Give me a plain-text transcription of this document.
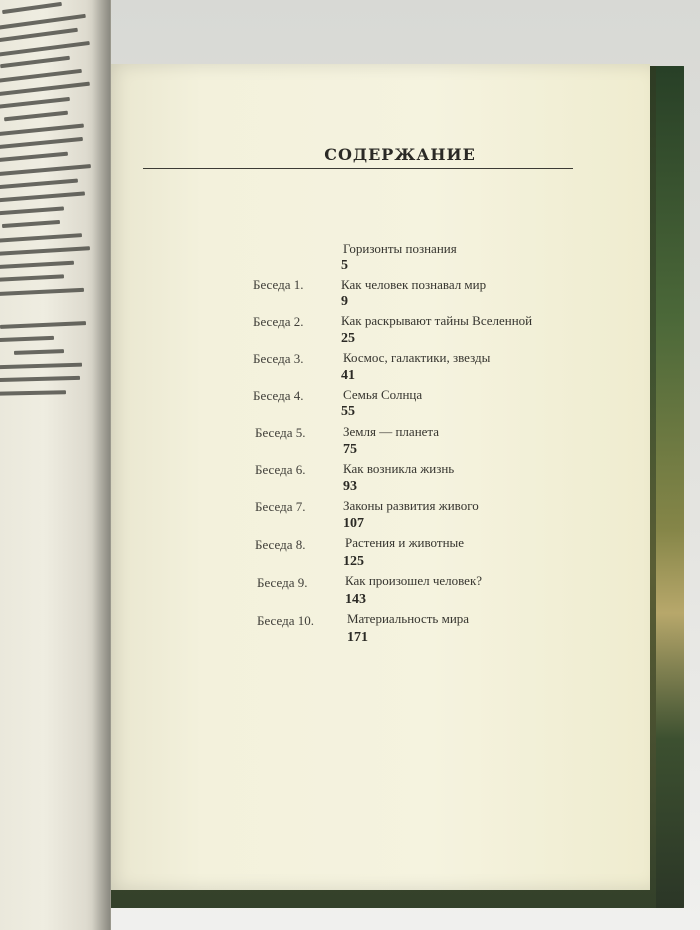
СОДЕРЖАНИЕ
Горизонты познания
5
Беседа 1.	Как человек познавал мир
9
Беседа 2.	Как раскрывают тайны Вселенной
25
Беседа 3.	Космос, галактики, звезды
41
Беседа 4.	Семья Солнца
55
Беседа 5.	Земля — планета
75
Беседа 6.	Как возникла жизнь
93
Беседа 7.	Законы развития живого
107
Беседа 8.	Растения и животные
125
Беседа 9.	Как произошел человек?
143
Беседа 10.	Материальность мира
171
